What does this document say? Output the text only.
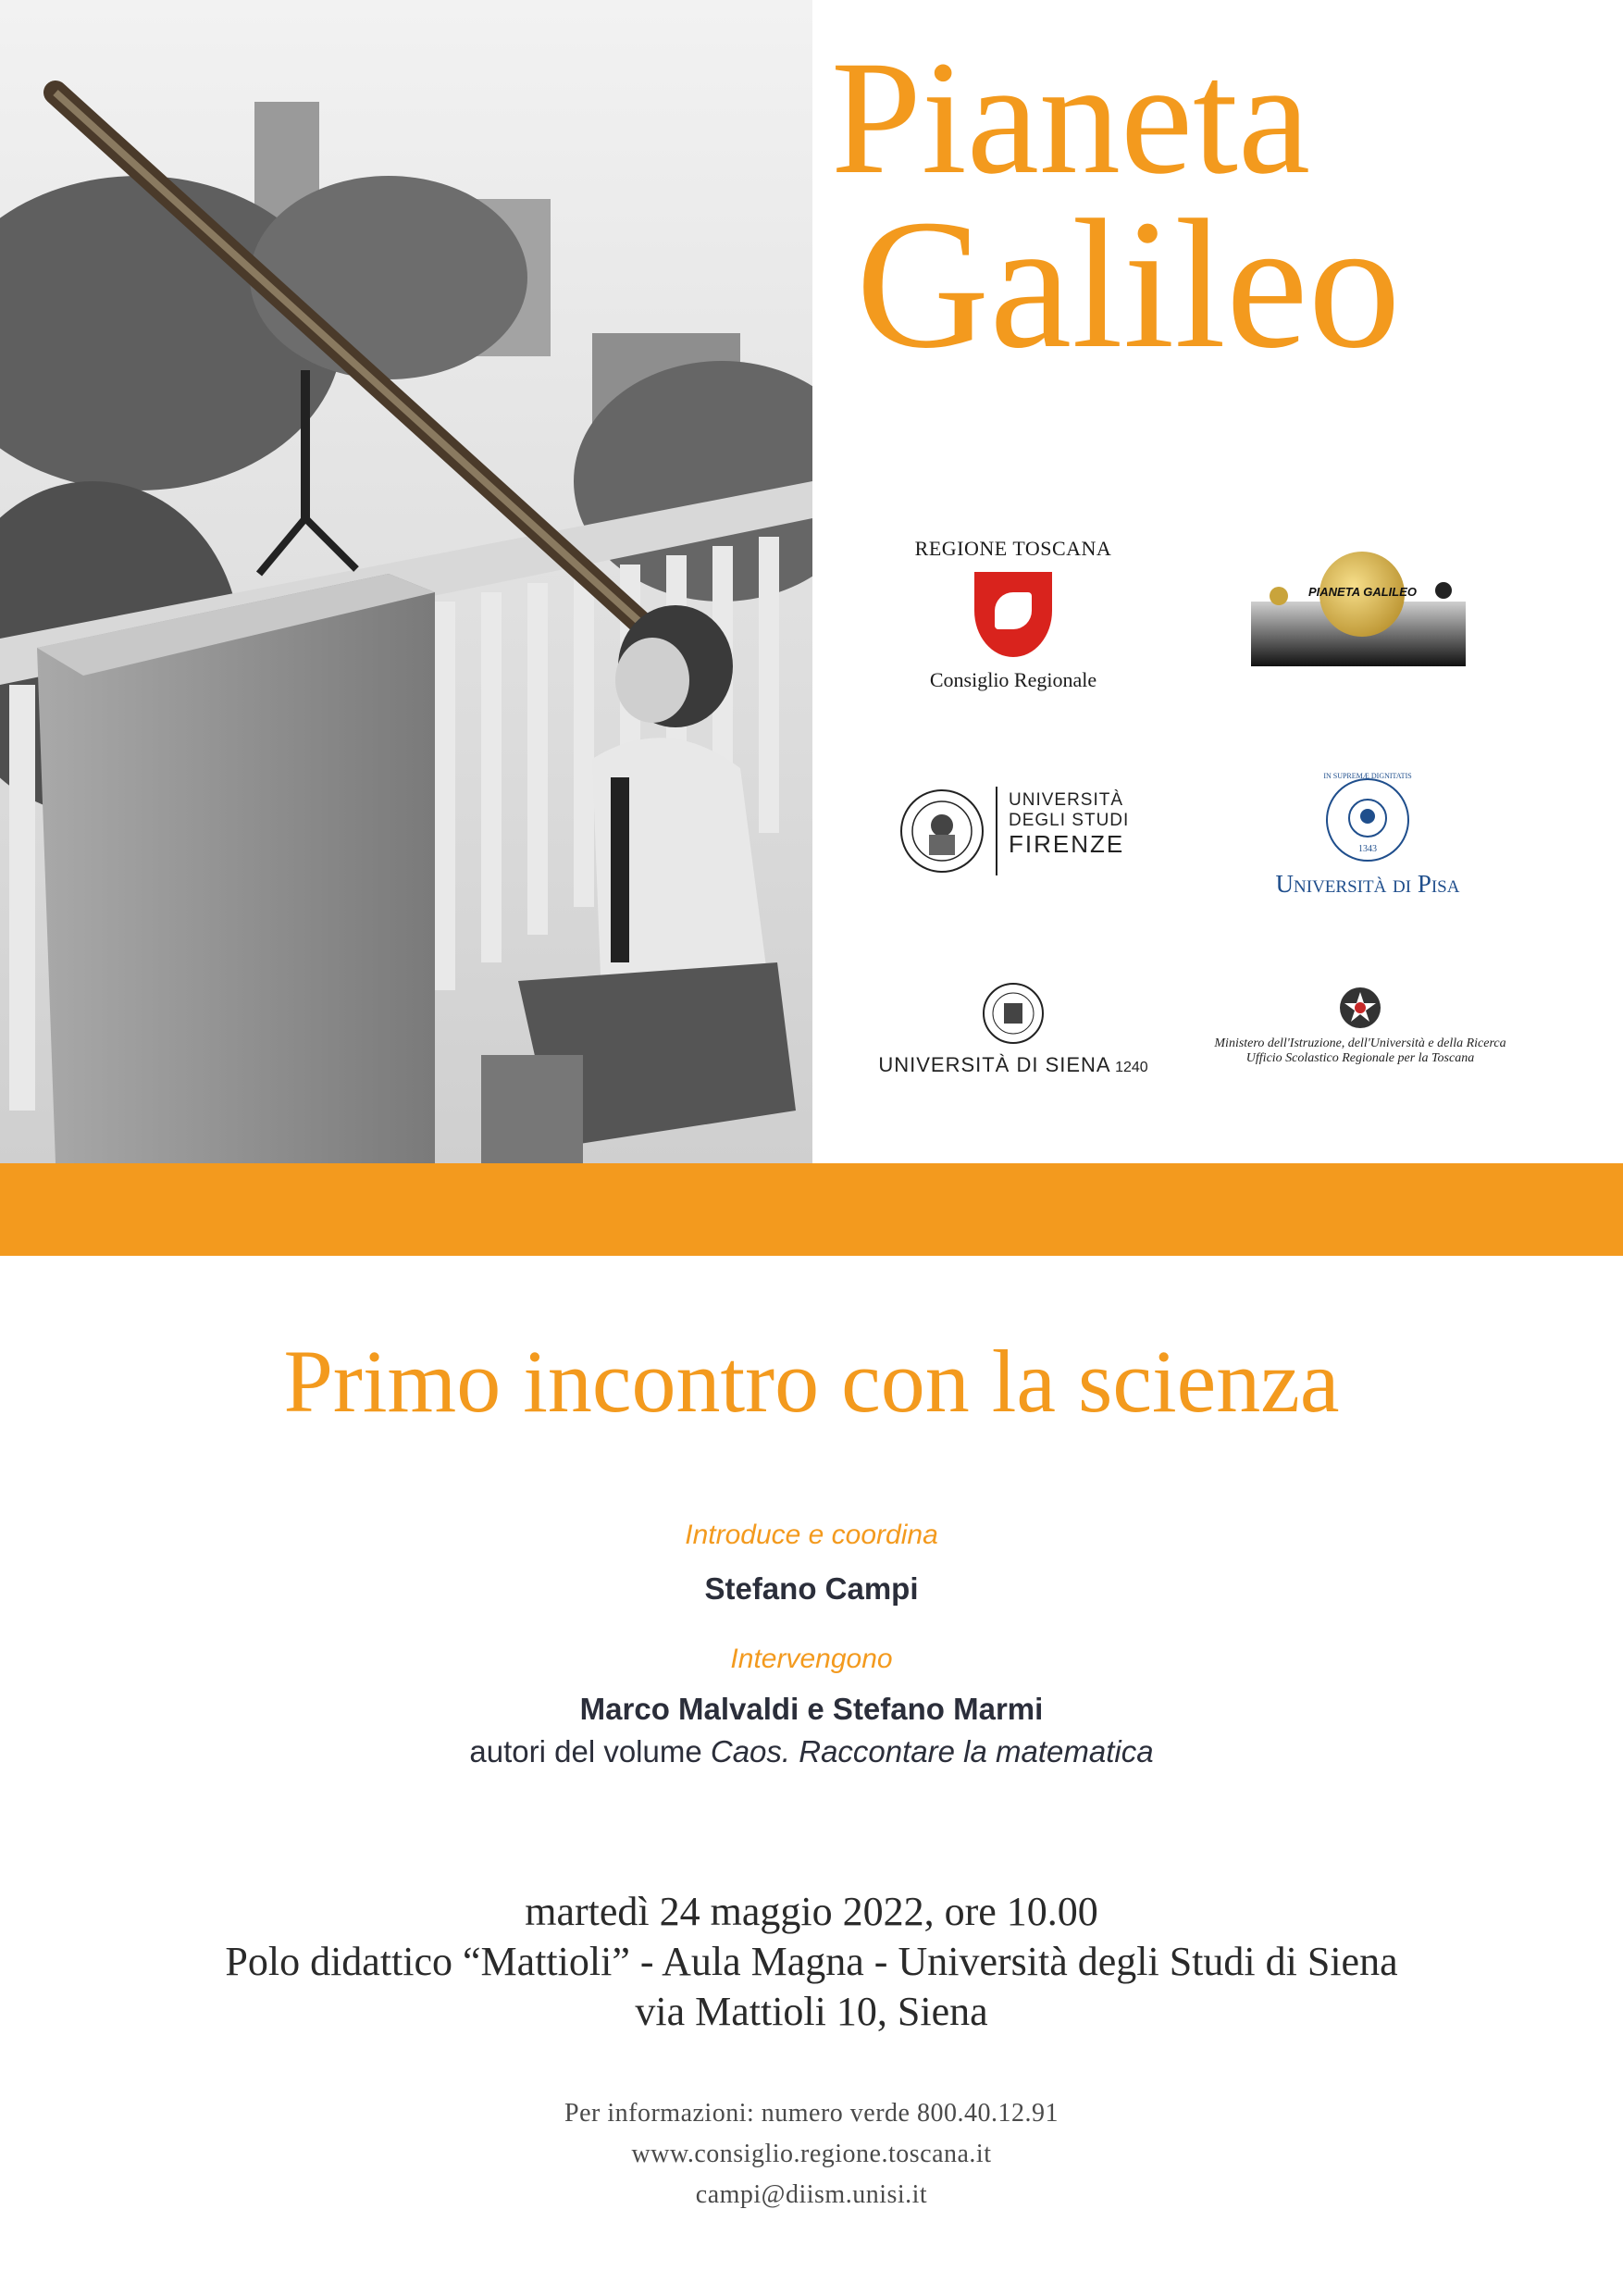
Pianeta
Galileo
REGIONE TOSCANA
Consiglio Regionale
PIANETA GALILEO
UNIVERSITÀ
DEGLI STUDI
FIRENZE
IN SUPREMÆ DIGNITATIS
1343
Università di Pisa
UNIVERSITÀ DI SIENA 1240
Ministero dell'Istruzione, dell'Università e della Ricerca
Ufficio Scolastico Regionale per la Toscana
Primo incontro con la scienza
Introduce e coordina
Stefano Campi
Intervengono
Marco Malvaldi e Stefano Marmi
autori del volume Caos. Raccontare la matematica
martedì 24 maggio 2022, ore 10.00
Polo didattico “Mattioli” - Aula Magna - Università degli Studi di Siena
via Mattioli 10, Siena
Per informazioni: numero verde 800.40.12.91
www.consiglio.regione.toscana.it
campi@diism.unisi.it
